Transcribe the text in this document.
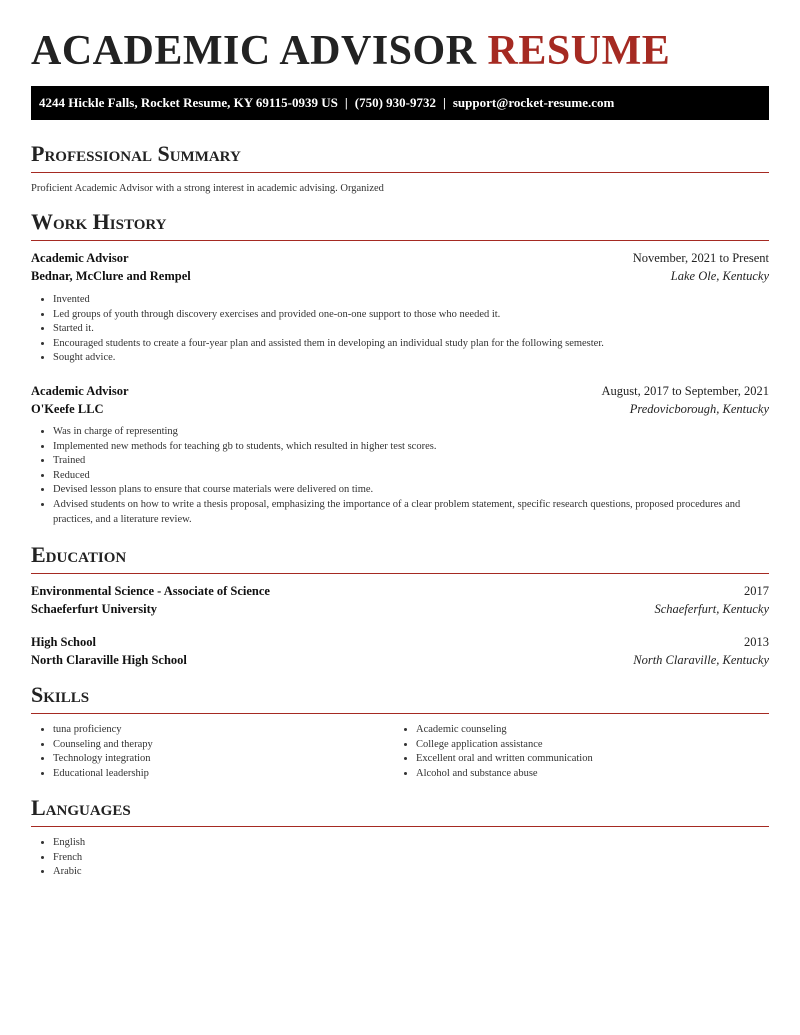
ACADEMIC ADVISOR RESUME
4244 Hickle Falls, Rocket Resume, KY 69115-0939 US | (750) 930-9732 | support@rocket-resume.com
Professional Summary
Proficient Academic Advisor with a strong interest in academic advising. Organized
Work History
Academic Advisor	November, 2021 to Present
Bednar, McClure and Rempel	Lake Ole, Kentucky
• Invented
• Led groups of youth through discovery exercises and provided one-on-one support to those who needed it.
• Started it.
• Encouraged students to create a four-year plan and assisted them in developing an individual study plan for the following semester.
• Sought advice.
Academic Advisor	August, 2017 to September, 2021
O'Keefe LLC	Predovicborough, Kentucky
• Was in charge of representing
• Implemented new methods for teaching gb to students, which resulted in higher test scores.
• Trained
• Reduced
• Devised lesson plans to ensure that course materials were delivered on time.
• Advised students on how to write a thesis proposal, emphasizing the importance of a clear problem statement, specific research questions, proposed procedures and practices, and a literature review.
Education
Environmental Science - Associate of Science	2017
Schaeferfurt University	Schaeferfurt, Kentucky
High School	2013
North Claraville High School	North Claraville, Kentucky
Skills
• tuna proficiency
• Counseling and therapy
• Technology integration
• Educational leadership
• Academic counseling
• College application assistance
• Excellent oral and written communication
• Alcohol and substance abuse
Languages
• English
• French
• Arabic
